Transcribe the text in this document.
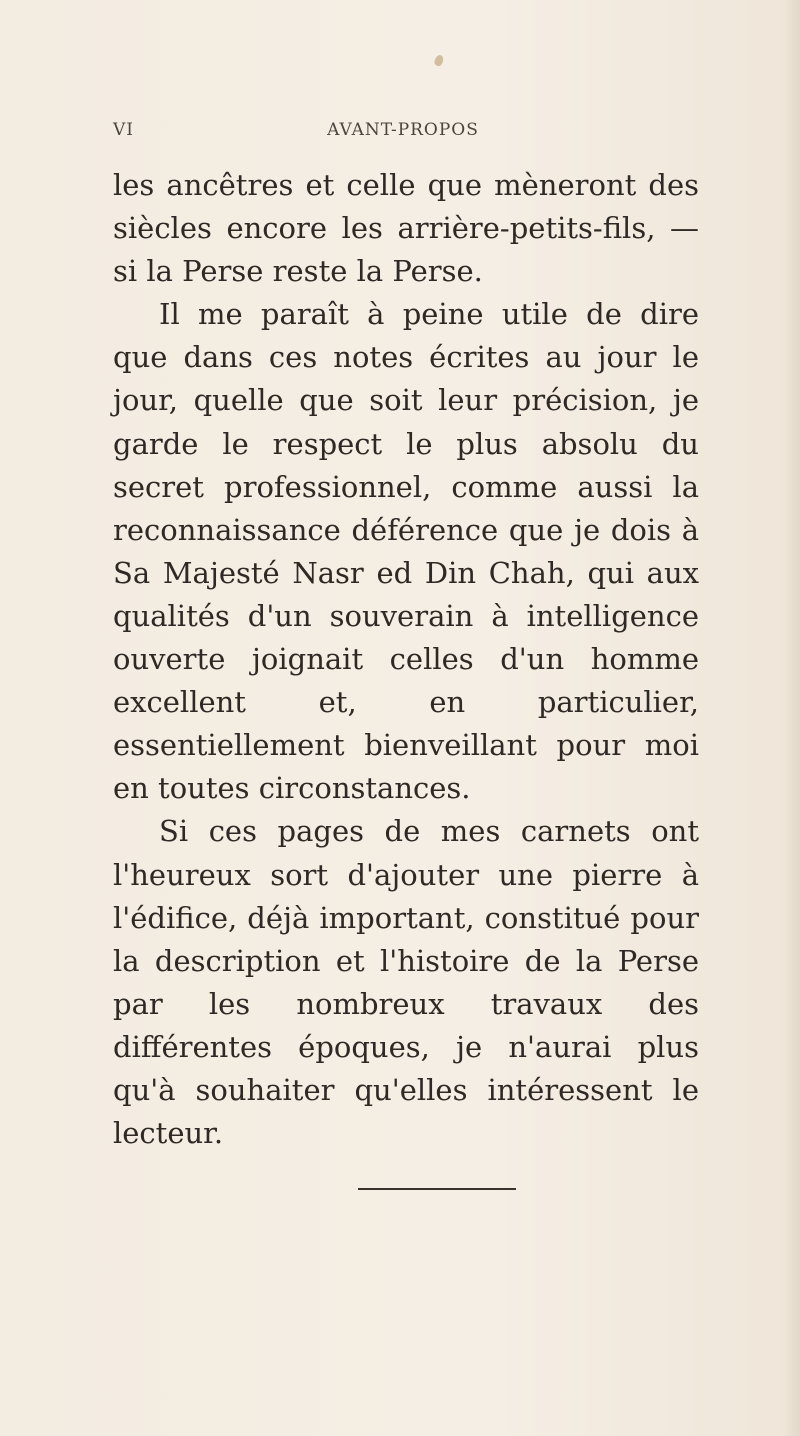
VI	AVANT-PROPOS

les ancêtres et celle que mèneront des siècles encore les arrière-petits-fils, — si la Perse reste la Perse.

Il me paraît à peine utile de dire que dans ces notes écrites au jour le jour, quelle que soit leur précision, je garde le respect le plus absolu du secret professionnel, comme aussi la reconnaissance déférence que je dois à Sa Majesté Nasr ed Din Chah, qui aux qualités d'un souverain à intelligence ouverte joignait celles d'un homme excellent et, en particulier, essentiellement bienveillant pour moi en toutes circonstances.

Si ces pages de mes carnets ont l'heureux sort d'ajouter une pierre à l'édifice, déjà important, constitué pour la description et l'histoire de la Perse par les nombreux travaux des différentes époques, je n'aurai plus qu'à souhaiter qu'elles intéressent le lecteur.
